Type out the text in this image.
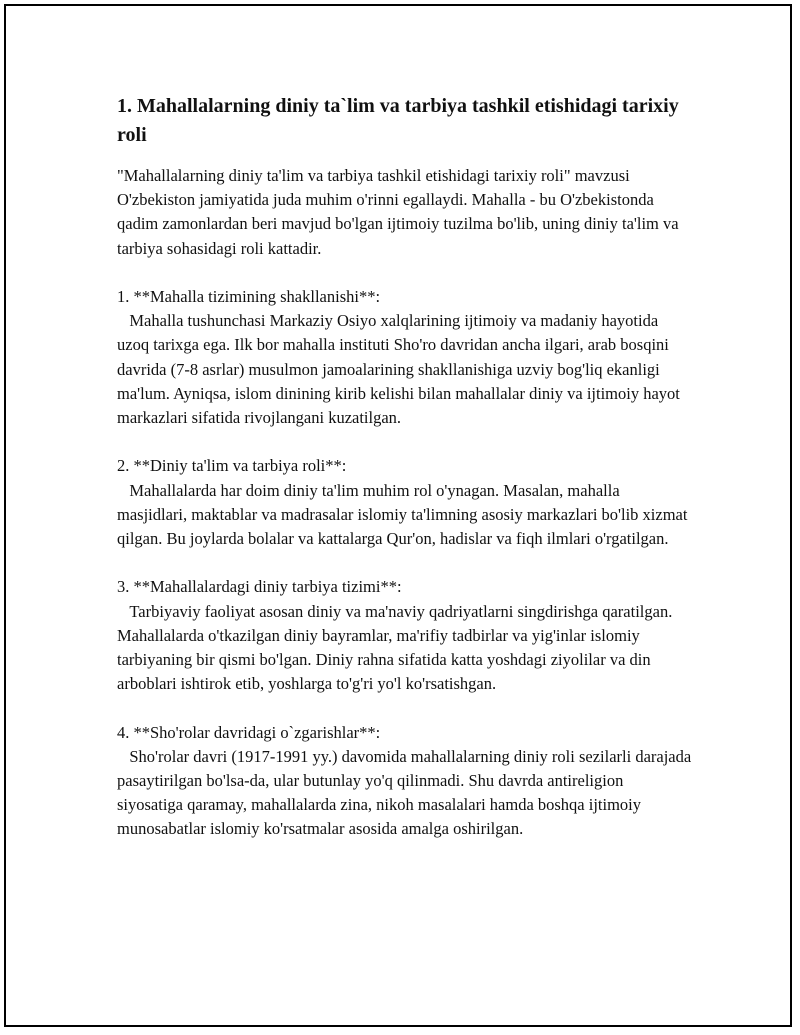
1. Mahallalarning diniy ta`lim va tarbiya tashkil etishidagi tarixiy roli

"Mahallalarning diniy ta'lim va tarbiya tashkil etishidagi tarixiy roli" mavzusi O'zbekiston jamiyatida juda muhim o'rinni egallaydi. Mahalla - bu O'zbekistonda qadim zamonlardan beri mavjud bo'lgan ijtimoiy tuzilma bo'lib, uning diniy ta'lim va tarbiya sohasidagi roli kattadir.

1. **Mahalla tizimining shakllanishi**:

Mahalla tushunchasi Markaziy Osiyo xalqlarining ijtimoiy va madaniy hayotida uzoq tarixga ega. Ilk bor mahalla instituti Sho'ro davridan ancha ilgari, arab bosqini davrida (7-8 asrlar) musulmon jamoalarining shakllanishiga uzviy bog'liq ekanligi ma'lum. Ayniqsa, islom dinining kirib kelishi bilan mahallalar diniy va ijtimoiy hayot markazlari sifatida rivojlangani kuzatilgan.

2. **Diniy ta'lim va tarbiya roli**:

Mahallalarda har doim diniy ta'lim muhim rol o'ynagan. Masalan, mahalla masjidlari, maktablar va madrasalar islomiy ta'limning asosiy markazlari bo'lib xizmat qilgan. Bu joylarda bolalar va kattalarga Qur'on, hadislar va fiqh ilmlari o'rgatilgan.

3. **Mahallalardagi diniy tarbiya tizimi**:

Tarbiyaviy faoliyat asosan diniy va ma'naviy qadriyatlarni singdirishga qaratilgan. Mahallalarda o'tkazilgan diniy bayramlar, ma'rifiy tadbirlar va yig'inlar islomiy tarbiyaning bir qismi bo'lgan. Diniy rahna sifatida katta yoshdagi ziyolilar va din arboblari ishtirok etib, yoshlarga to'g'ri yo'l ko'rsatishgan.

4. **Sho'rolar davridagi o`zgarishlar**:

Sho'rolar davri (1917-1991 yy.) davomida mahallalarning diniy roli sezilarli darajada pasaytirilgan bo'lsa-da, ular butunlay yo'q qilinmadi. Shu davrda antireligion siyosatiga qaramay, mahallalarda zina, nikoh masalalari hamda boshqa ijtimoiy munosabatlar islomiy ko'rsatmalar asosida amalga oshirilgan.
